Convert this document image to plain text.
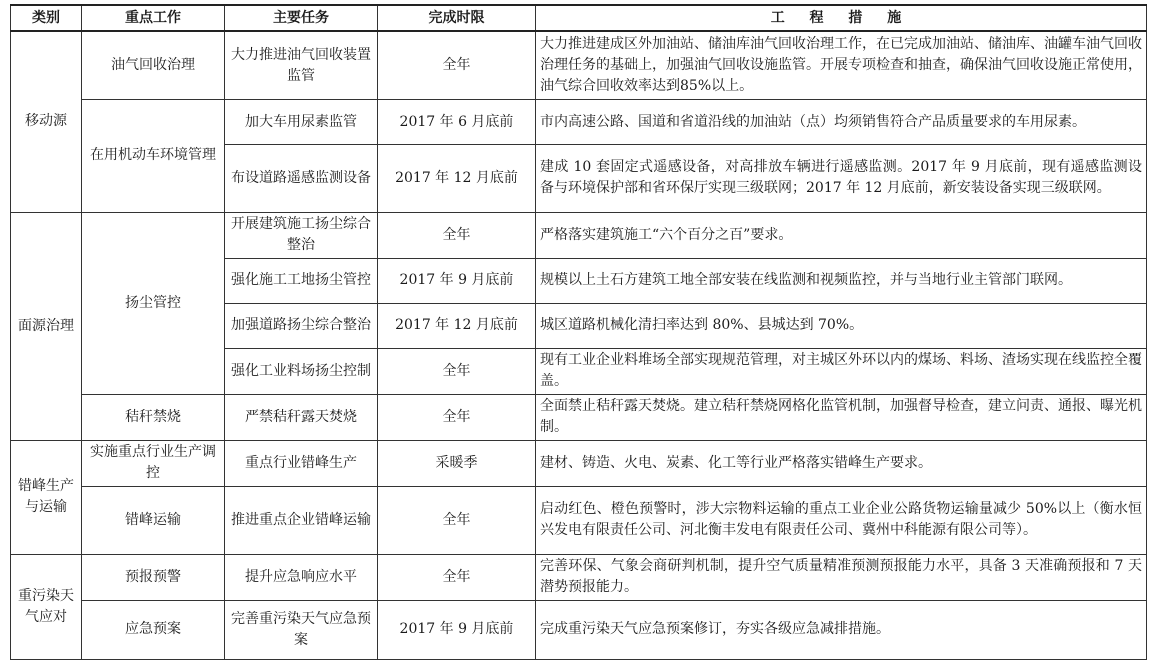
类别	重点工作	主要任务	完成时限	工 程 措 施
移动源	油气回收治理	大力推进油气回收装置监管	全年	大力推进建成区外加油站、储油库油气回收治理工作，在已完成加油站、储油库、油罐车油气回收治理任务的基础上，加强油气回收设施监管。开展专项检查和抽查，确保油气回收设施正常使用，油气综合回收效率达到85%以上。
	在用机动车环境管理	加大车用尿素监管	2017 年 6 月底前	市内高速公路、国道和省道沿线的加油站（点）均须销售符合产品质量要求的车用尿素。
		布设道路遥感监测设备	2017 年 12 月底前	建成 10 套固定式遥感设备，对高排放车辆进行遥感监测。2017 年 9 月底前，现有遥感监测设备与环境保护部和省环保厅实现三级联网；2017 年 12 月底前，新安装设备实现三级联网。
面源治理	扬尘管控	开展建筑施工扬尘综合整治	全年	严格落实建筑施工“六个百分之百”要求。
		强化施工工地扬尘管控	2017 年 9 月底前	规模以上土石方建筑工地全部安装在线监测和视频监控，并与当地行业主管部门联网。
		加强道路扬尘综合整治	2017 年 12 月底前	城区道路机械化清扫率达到 80%、县城达到 70%。
		强化工业料场扬尘控制	全年	现有工业企业料堆场全部实现规范管理，对主城区外环以内的煤场、料场、渣场实现在线监控全覆盖。
	秸秆禁烧	严禁秸秆露天焚烧	全年	全面禁止秸秆露天焚烧。建立秸秆禁烧网格化监管机制，加强督导检查，建立问责、通报、曝光机制。
错峰生产与运输	实施重点行业生产调控	重点行业错峰生产	采暖季	建材、铸造、火电、炭素、化工等行业严格落实错峰生产要求。
	错峰运输	推进重点企业错峰运输	全年	启动红色、橙色预警时，涉大宗物料运输的重点工业企业公路货物运输量减少 50%以上（衡水恒兴发电有限责任公司、河北衡丰发电有限责任公司、冀州中科能源有限公司等）。
重污染天气应对	预报预警	提升应急响应水平	全年	完善环保、气象会商研判机制，提升空气质量精准预测预报能力水平，具备 3 天准确预报和 7 天潜势预报能力。
	应急预案	完善重污染天气应急预案	2017 年 9 月底前	完成重污染天气应急预案修订，夯实各级应急减排措施。
